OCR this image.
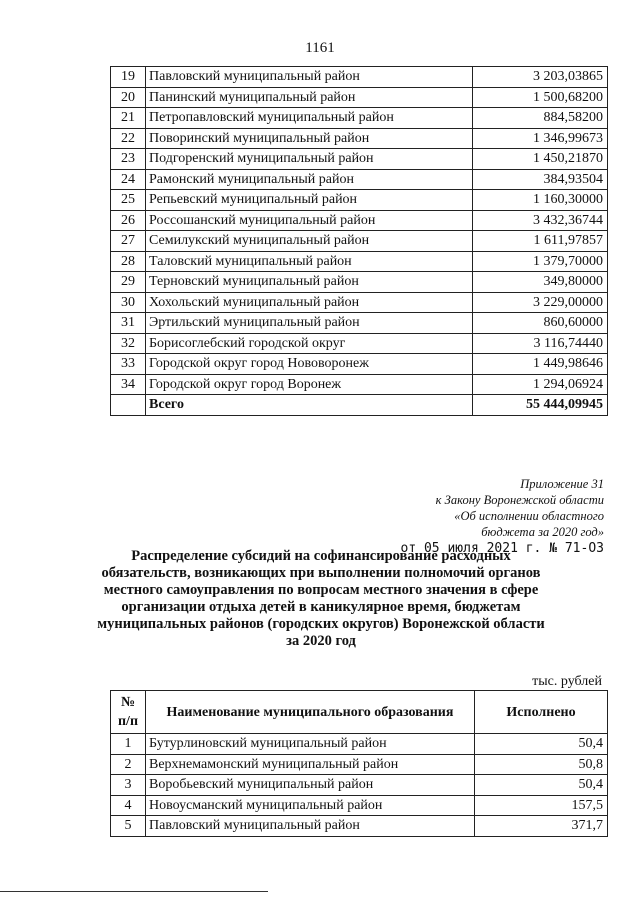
1161
19	Павловский муниципальный район	3 203,03865
20	Панинский муниципальный район	1 500,68200
21	Петропавловский муниципальный район	884,58200
22	Поворинский муниципальный район	1 346,99673
23	Подгоренский муниципальный район	1 450,21870
24	Рамонский муниципальный район	384,93504
25	Репьевский муниципальный район	1 160,30000
26	Россошанский муниципальный район	3 432,36744
27	Семилукский муниципальный район	1 611,97857
28	Таловский муниципальный район	1 379,70000
29	Терновский муниципальный район	349,80000
30	Хохольский муниципальный район	3 229,00000
31	Эртильский муниципальный район	860,60000
32	Борисоглебский городской округ	3 116,74440
33	Городской округ город Нововоронеж	1 449,98646
34	Городской округ город Воронеж	1 294,06924
	Всего	55 444,09945
Приложение 31
к Закону Воронежской области
«Об исполнении областного
бюджета за 2020 год»
от 05 июля 2021 г. № 71-ОЗ
Распределение субсидий на софинансирование расходных
обязательств, возникающих при выполнении полномочий органов
местного самоуправления по вопросам местного значения в сфере
организации отдыха детей в каникулярное время, бюджетам
муниципальных районов (городских округов) Воронежской области
за 2020 год
тыс. рублей
№
п/п	Наименование муниципального образования	Исполнено
1	Бутурлиновский муниципальный район	50,4
2	Верхнемамонский муниципальный район	50,8
3	Воробьевский муниципальный район	50,4
4	Новоусманский муниципальный район	157,5
5	Павловский муниципальный район	371,7
